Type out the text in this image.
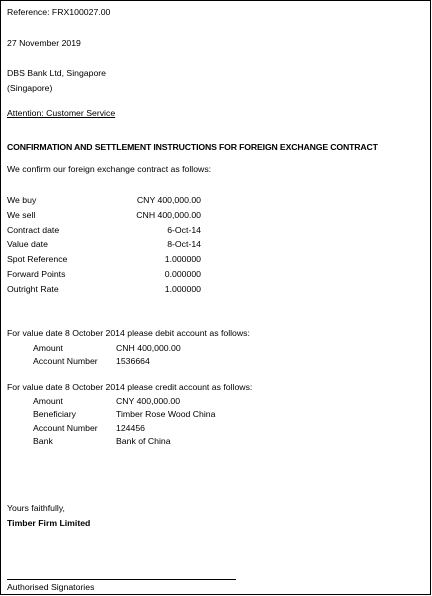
Reference: FRX100027.00
27 November 2019
DBS Bank Ltd, Singapore
(Singapore)
Attention: Customer Service
CONFIRMATION AND SETTLEMENT INSTRUCTIONS FOR FOREIGN EXCHANGE CONTRACT
We confirm our foreign exchange contract as follows:
We buy	CNY 400,000.00
We sell	CNH 400,000.00
Contract date	6-Oct-14
Value date	8-Oct-14
Spot Reference	1.000000
Forward Points	0.000000
Outright Rate	1.000000
For value date 8 October 2014 please debit account as follows:
Amount	CNH 400,000.00
Account Number 1536664
For value date 8 October 2014 please credit account as follows:
Amount	CNY 400,000.00
Beneficiary	Timber Rose Wood China
Account Number 124456
Bank	Bank of China
Yours faithfully,
Timber Firm Limited
Authorised Signatories
